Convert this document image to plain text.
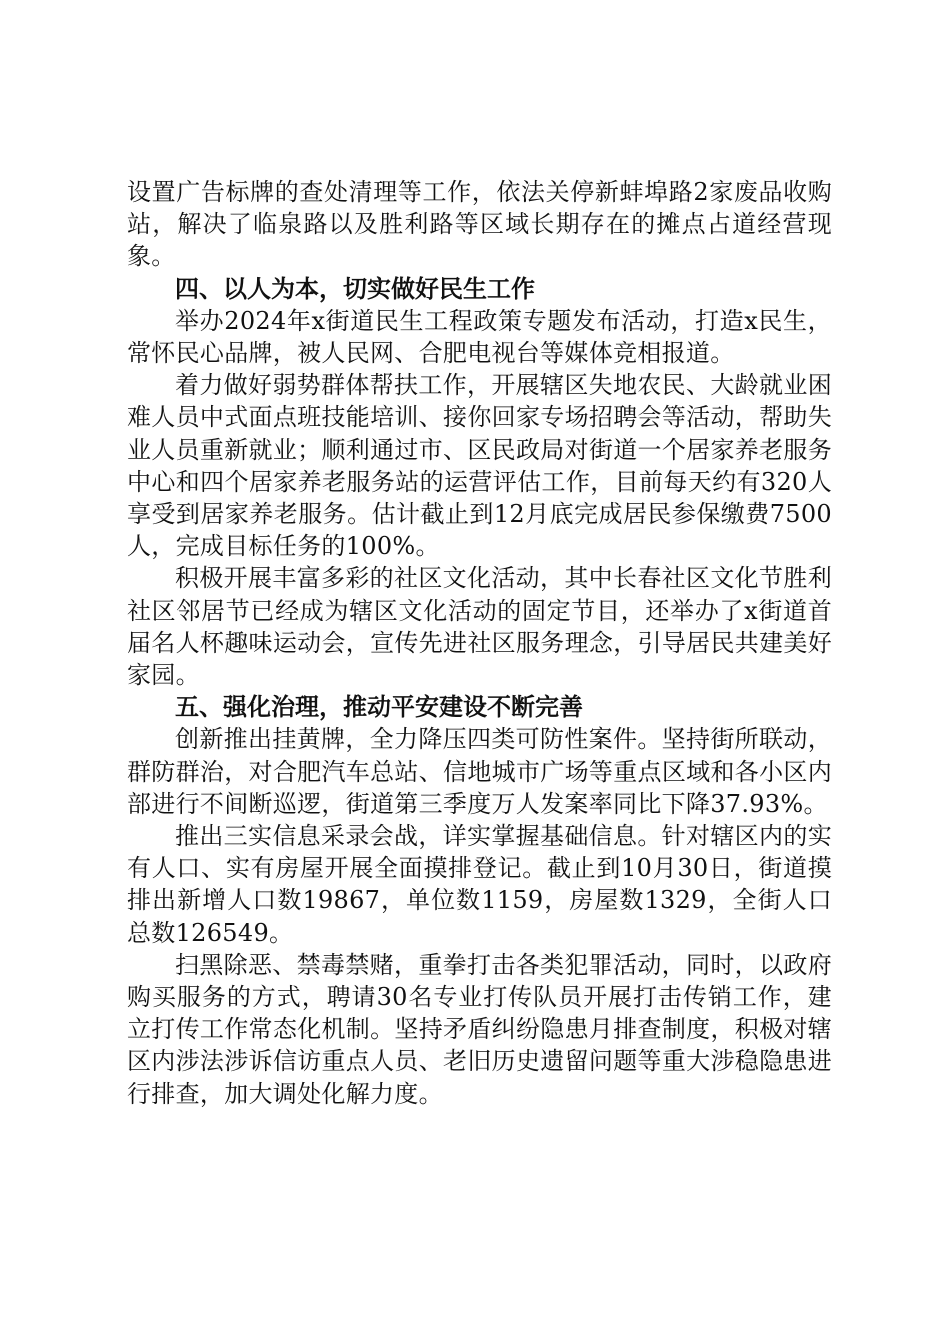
设置广告标牌的查处清理等工作，依法关停新蚌埠路2家废品收购站，解决了临泉路以及胜利路等区域长期存在的摊点占道经营现象。

四、以人为本，切实做好民生工作

举办2024年x街道民生工程政策专题发布活动，打造x民生，常怀民心品牌，被人民网、合肥电视台等媒体竞相报道。

着力做好弱势群体帮扶工作，开展辖区失地农民、大龄就业困难人员中式面点班技能培训、接你回家专场招聘会等活动，帮助失业人员重新就业；顺利通过市、区民政局对街道一个居家养老服务中心和四个居家养老服务站的运营评估工作，目前每天约有320人享受到居家养老服务。估计截止到12月底完成居民参保缴费7500人，完成目标任务的100%。

积极开展丰富多彩的社区文化活动，其中长春社区文化节胜利社区邻居节已经成为辖区文化活动的固定节目，还举办了x街道首届名人杯趣味运动会，宣传先进社区服务理念，引导居民共建美好家园。

五、强化治理，推动平安建设不断完善

创新推出挂黄牌，全力降压四类可防性案件。坚持街所联动，群防群治，对合肥汽车总站、信地城市广场等重点区域和各小区内部进行不间断巡逻，街道第三季度万人发案率同比下降37.93%。

推出三实信息采录会战，详实掌握基础信息。针对辖区内的实有人口、实有房屋开展全面摸排登记。截止到10月30日，街道摸排出新增人口数19867，单位数1159，房屋数1329，全街人口总数126549。

扫黑除恶、禁毒禁赌，重拳打击各类犯罪活动，同时，以政府购买服务的方式，聘请30名专业打传队员开展打击传销工作，建立打传工作常态化机制。坚持矛盾纠纷隐患月排查制度，积极对辖区内涉法涉诉信访重点人员、老旧历史遗留问题等重大涉稳隐患进行排查，加大调处化解力度。
